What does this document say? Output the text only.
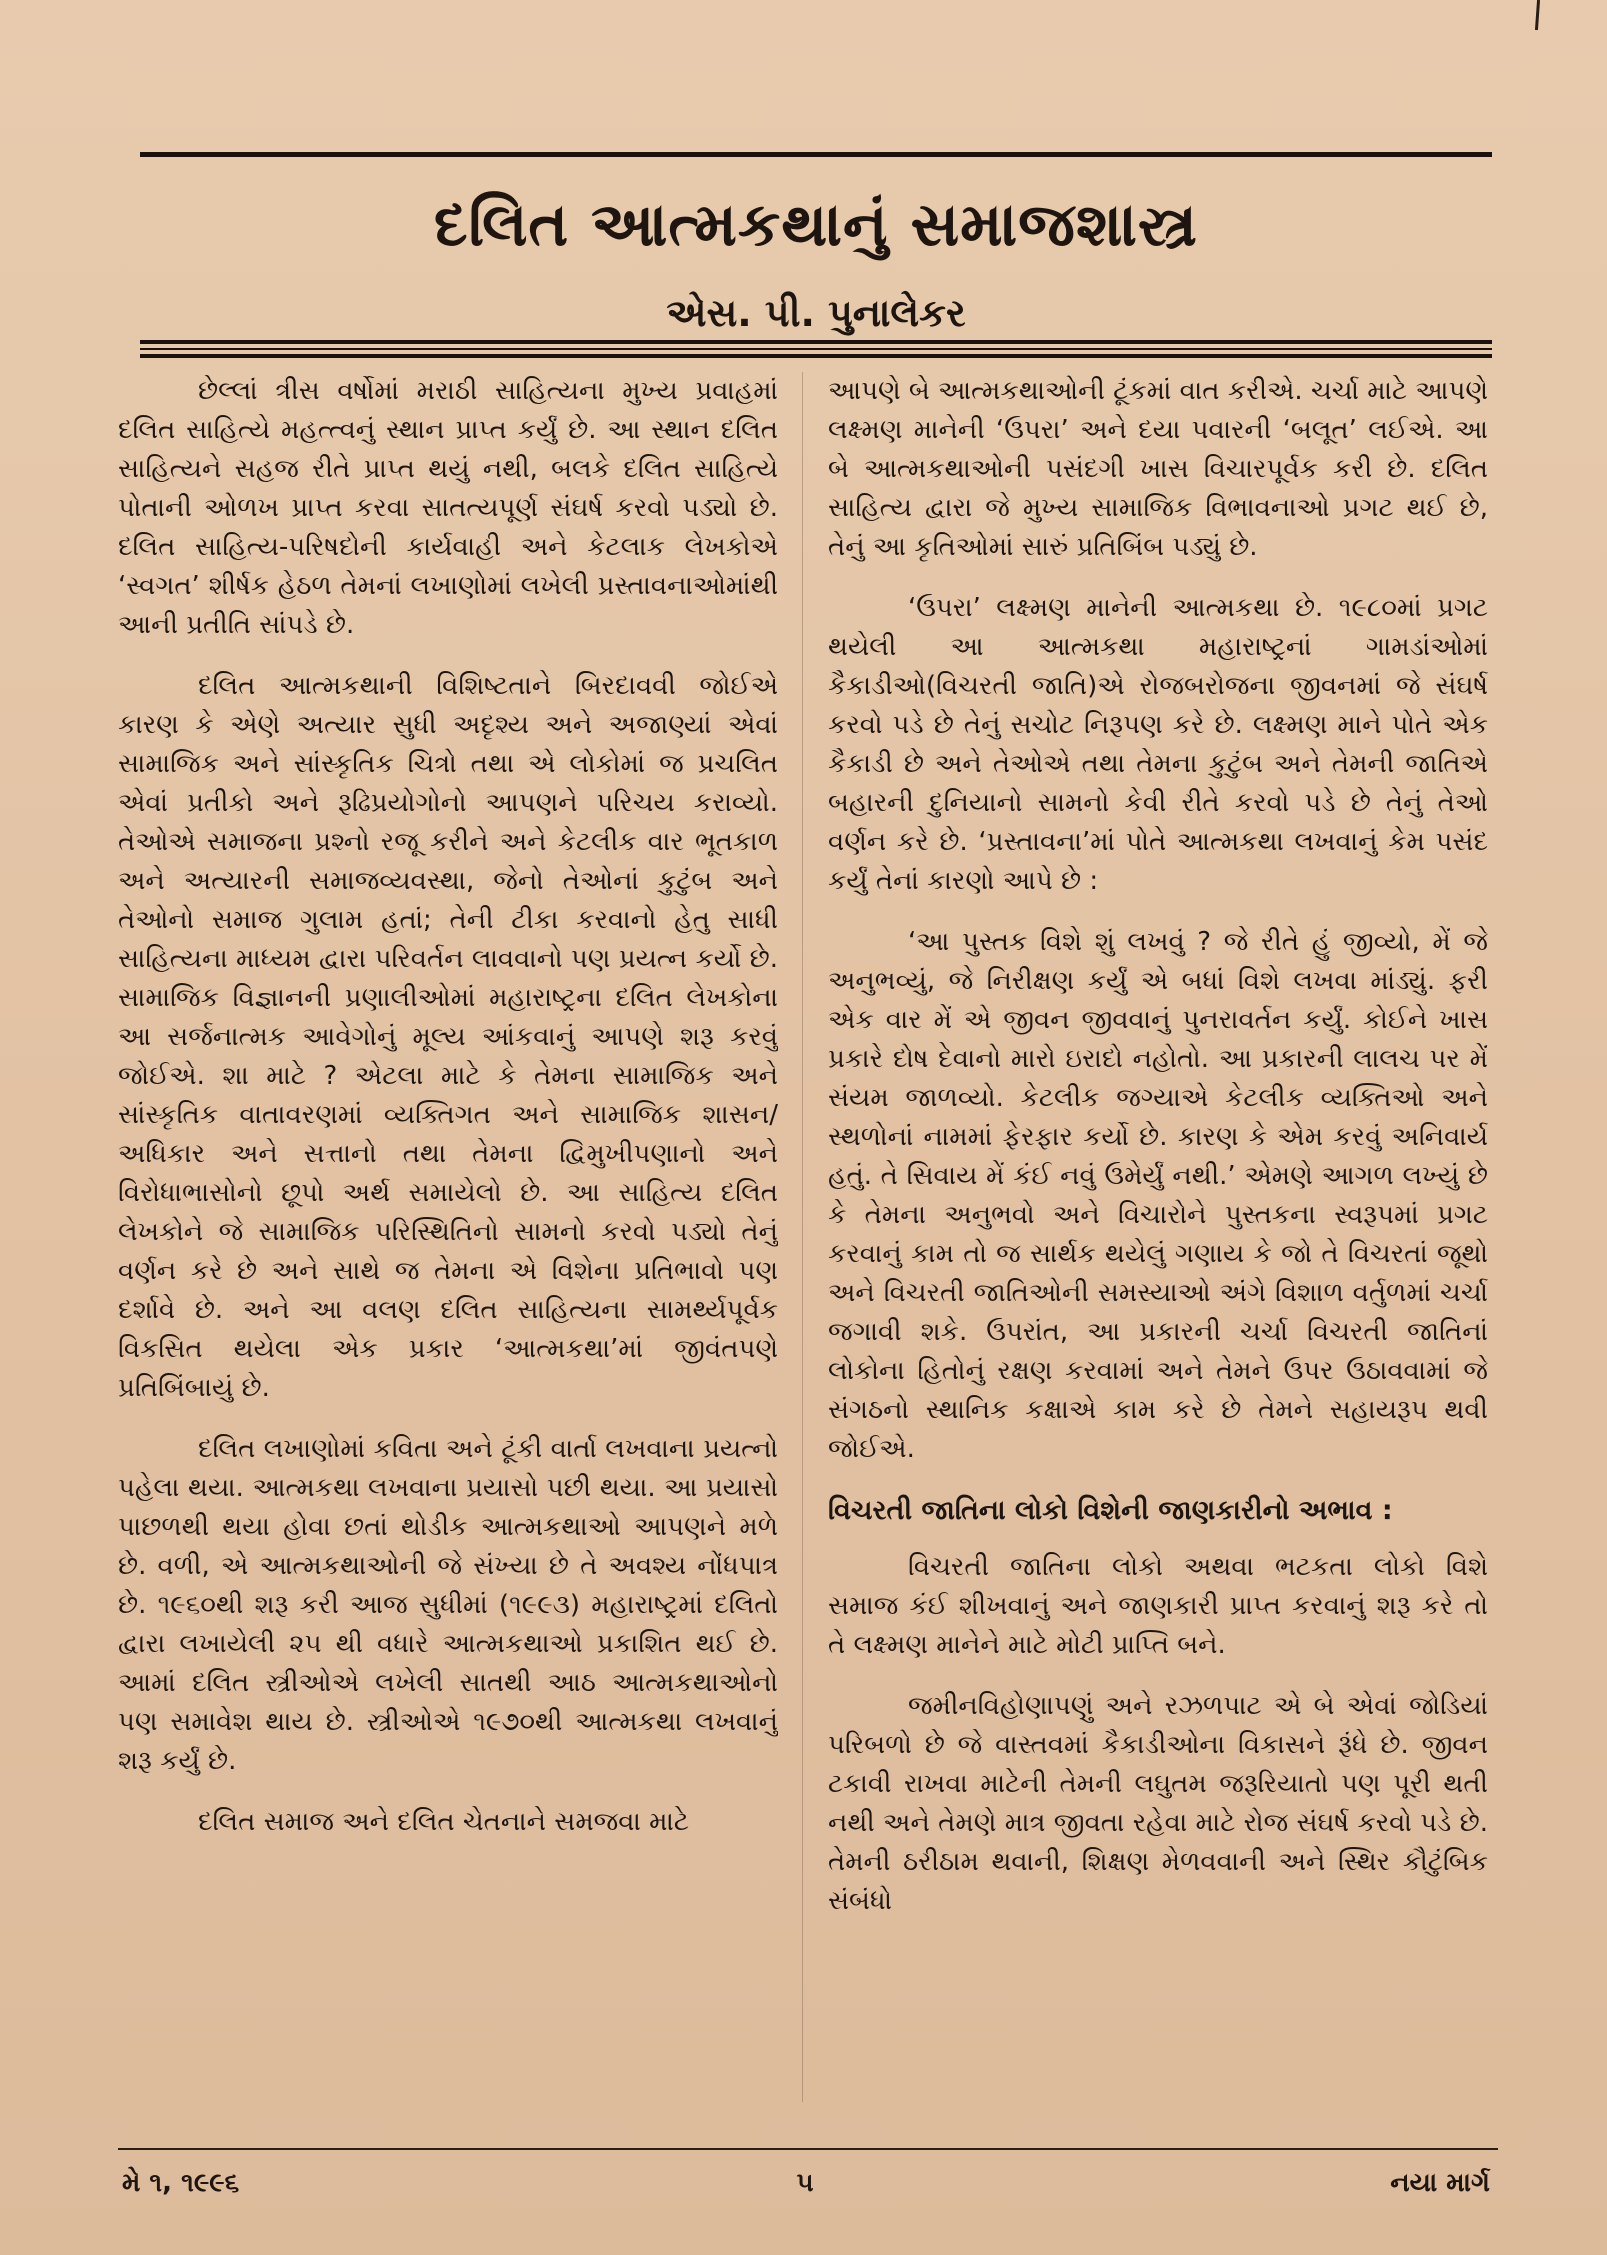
દલિત આત્મકથાનું સમાજશાસ્ત્ર
એસ. પી. પુનાલેકર

છેલ્લાં ત્રીસ વર્ષોમાં મરાઠી સાહિત્યના મુખ્ય પ્રવાહમાં દલિત સાહિત્યે મહત્ત્વનું સ્થાન પ્રાપ્ત કર્યું છે. આ સ્થાન દલિત સાહિત્યને સહજ રીતે પ્રાપ્ત થયું નથી, બલકે દલિત સાહિત્યે પોતાની ઓળખ પ્રાપ્ત કરવા સાતત્યપૂર્ણ સંઘર્ષ કરવો પડ્યો છે. દલિત સાહિત્ય-પરિષદોની કાર્યવાહી અને કેટલાક લેખકોએ ‘સ્વગત’ શીર્ષક હેઠળ તેમનાં લખાણોમાં લખેલી પ્રસ્તાવનાઓમાંથી આની પ્રતીતિ સાંપડે છે.

દલિત આત્મકથાની વિશિષ્ટતાને બિરદાવવી જોઈએ કારણ કે એણે અત્યાર સુધી અદૃશ્ય અને અજાણ્યાં એવાં સામાજિક અને સાંસ્કૃતિક ચિત્રો તથા એ લોકોમાં જ પ્રચલિત એવાં પ્રતીકો અને રૂઢિપ્રયોગોનો આપણને પરિચય કરાવ્યો. તેઓએ સમાજના પ્રશ્નો રજૂ કરીને અને કેટલીક વાર ભૂતકાળ અને અત્યારની સમાજવ્યવસ્થા, જેનો તેઓનાં કુટુંબ અને તેઓનો સમાજ ગુલામ હતાં; તેની ટીકા કરવાનો હેતુ સાધી સાહિત્યના માધ્યમ દ્વારા પરિવર્તન લાવવાનો પણ પ્રયત્ન કર્યો છે. સામાજિક વિજ્ઞાનની પ્રણાલીઓમાં મહારાષ્ટ્રના દલિત લેખકોના આ સર્જનાત્મક આવેગોનું મૂલ્ય આંકવાનું આપણે શરૂ કરવું જોઈએ. શા માટે ? એટલા માટે કે તેમના સામાજિક અને સાંસ્કૃતિક વાતાવરણમાં વ્યક્તિગત અને સામાજિક શાસન/અધિકાર અને સત્તાનો તથા તેમના દ્વિમુખીપણાનો અને વિરોધાભાસોનો છૂપો અર્થ સમાયેલો છે. આ સાહિત્ય દલિત લેખકોને જે સામાજિક પરિસ્થિતિનો સામનો કરવો પડ્યો તેનું વર્ણન કરે છે અને સાથે જ તેમના એ વિશેના પ્રતિભાવો પણ દર્શાવે છે. અને આ વલણ દલિત સાહિત્યના સામર્થ્યપૂર્વક વિકસિત થયેલા એક પ્રકાર ‘આત્મકથા’માં જીવંતપણે પ્રતિબિંબાયું છે.

દલિત લખાણોમાં કવિતા અને ટૂંકી વાર્તા લખવાના પ્રયત્નો પહેલા થયા. આત્મકથા લખવાના પ્રયાસો પછી થયા. આ પ્રયાસો પાછળથી થયા હોવા છતાં થોડીક આત્મકથાઓ આપણને મળે છે. વળી, એ આત્મકથાઓની જે સંખ્યા છે તે અવશ્ય નોંધપાત્ર છે. ૧૯૬૦થી શરૂ કરી આજ સુધીમાં (૧૯૯૩) મહારાષ્ટ્રમાં દલિતો દ્વારા લખાયેલી ૨૫ થી વધારે આત્મકથાઓ પ્રકાશિત થઈ છે. આમાં દલિત સ્ત્રીઓએ લખેલી સાતથી આઠ આત્મકથાઓનો પણ સમાવેશ થાય છે. સ્ત્રીઓએ ૧૯૭૦થી આત્મકથા લખવાનું શરૂ કર્યું છે.

દલિત સમાજ અને દલિત ચેતનાને સમજવા માટે

આપણે બે આત્મકથાઓની ટૂંકમાં વાત કરીએ. ચર્ચા માટે આપણે લક્ષ્મણ માનેની ‘ઉપરા’ અને દયા પવારની ‘બલૂત’ લઈએ. આ બે આત્મકથાઓની પસંદગી ખાસ વિચારપૂર્વક કરી છે. દલિત સાહિત્ય દ્વારા જે મુખ્ય સામાજિક વિભાવનાઓ પ્રગટ થઈ છે, તેનું આ કૃતિઓમાં સારું પ્રતિબિંબ પડ્યું છે.

‘ઉપરા’ લક્ષ્મણ માનેની આત્મકથા છે. ૧૯૮૦માં પ્રગટ થયેલી આ આત્મકથા મહારાષ્ટ્રનાં ગામડાંઓમાં કૈકાડીઓ(વિચરતી જાતિ)એ રોજબરોજના જીવનમાં જે સંઘર્ષ કરવો પડે છે તેનું સચોટ નિરૂપણ કરે છે. લક્ષ્મણ માને પોતે એક કૈકાડી છે અને તેઓએ તથા તેમના કુટુંબ અને તેમની જાતિએ બહારની દુનિયાનો સામનો કેવી રીતે કરવો પડે છે તેનું તેઓ વર્ણન કરે છે. ‘પ્રસ્તાવના’માં પોતે આત્મકથા લખવાનું કેમ પસંદ કર્યું તેનાં કારણો આપે છે :

‘આ પુસ્તક વિશે શું લખવું ? જે રીતે હું જીવ્યો, મેં જે અનુભવ્યું, જે નિરીક્ષણ કર્યું એ બધાં વિશે લખવા માંડ્યું. ફરી એક વાર મેં એ જીવન જીવવાનું પુનરાવર્તન કર્યું. કોઈને ખાસ પ્રકારે દોષ દેવાનો મારો ઇરાદો નહોતો. આ પ્રકારની લાલચ પર મેં સંયમ જાળવ્યો. કેટલીક જગ્યાએ કેટલીક વ્યક્તિઓ અને સ્થળોનાં નામમાં ફેરફાર કર્યો છે. કારણ કે એમ કરવું અનિવાર્ય હતું. તે સિવાય મેં કંઈ નવું ઉમેર્યું નથી.’ એમણે આગળ લખ્યું છે કે તેમના અનુભવો અને વિચારોને પુસ્તકના સ્વરૂપમાં પ્રગટ કરવાનું કામ તો જ સાર્થક થયેલું ગણાય કે જો તે વિચરતાં જૂથો અને વિચરતી જાતિઓની સમસ્યાઓ અંગે વિશાળ વર્તુળમાં ચર્ચા જગાવી શકે. ઉપરાંત, આ પ્રકારની ચર્ચા વિચરતી જાતિનાં લોકોના હિતોનું રક્ષણ કરવામાં અને તેમને ઉપર ઉઠાવવામાં જે સંગઠનો સ્થાનિક કક્ષાએ કામ કરે છે તેમને સહાયરૂપ થવી જોઈએ.

વિચરતી જાતિના લોકો વિશેની જાણકારીનો અભાવ :

વિચરતી જાતિના લોકો અથવા ભટકતા લોકો વિશે સમાજ કંઈ શીખવાનું અને જાણકારી પ્રાપ્ત કરવાનું શરૂ કરે તો તે લક્ષ્મણ માનેને માટે મોટી પ્રાપ્તિ બને.

જમીનવિહોણાપણું અને રઝળપાટ એ બે એવાં જોડિયાં પરિબળો છે જે વાસ્તવમાં કૈકાડીઓના વિકાસને રૂંધે છે. જીવન ટકાવી રાખવા માટેની તેમની લઘુતમ જરૂરિયાતો પણ પૂરી થતી નથી અને તેમણે માત્ર જીવતા રહેવા માટે રોજ સંઘર્ષ કરવો પડે છે. તેમની ઠરીઠામ થવાની, શિક્ષણ મેળવવાની અને સ્થિર કૌટુંબિક સંબંધો

મે ૧, ૧૯૯૬	૫	નયા માર્ગ
